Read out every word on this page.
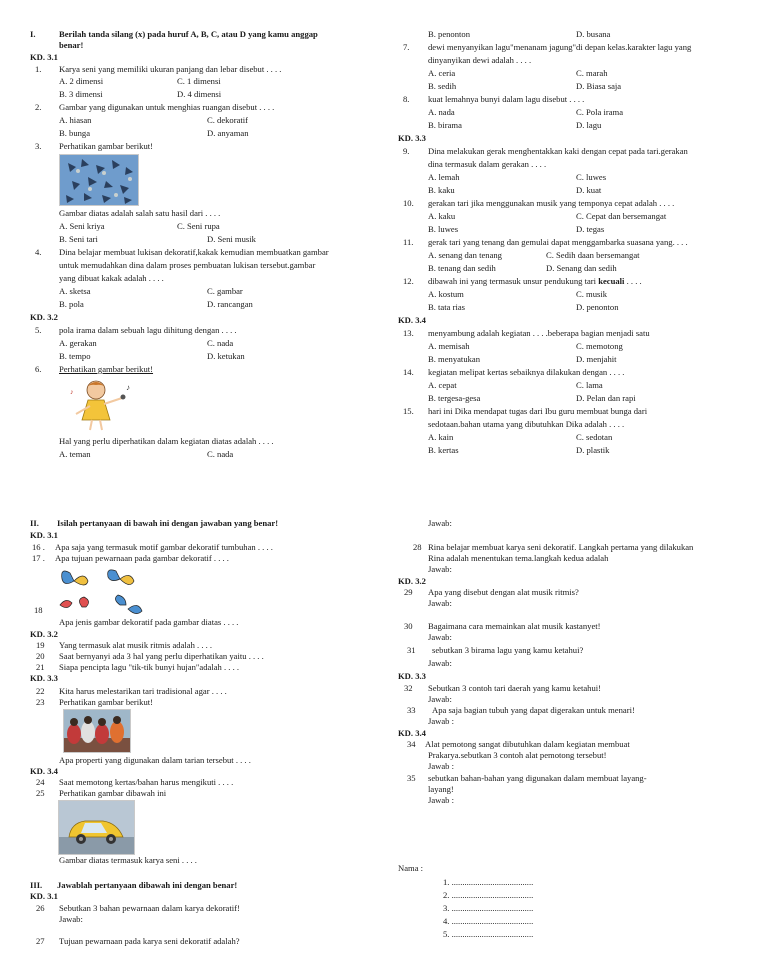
I.	Berilah tanda silang (x) pada huruf A, B, C, atau D yang kamu anggap
benar!
KD. 3.1
1. Karya seni yang memiliki ukuran panjang dan lebar disebut . . . .
A. 2 dimensi	C. 1 dimensi
B. 3 dimensi	D. 4 dimensi
2. Gambar yang digunakan untuk menghias ruangan disebut . . . .
A. hiasan	C. dekoratif
B. bunga	D. anyaman
3. Perhatikan gambar berikut!
Gambar diatas adalah salah satu hasil dari . . . .
A. Seni kriya	C. Seni rupa
B. Seni tari	D. Seni musik
4. Dina belajar membuat lukisan dekoratif,kakak kemudian membuatkan gambar
untuk memudahkan dina dalam proses pembuatan lukisan tersebut.gambar
yang dibuat kakak adalah . . . .
A. sketsa	C. gambar
B. pola	D. rancangan
KD. 3.2
5. pola irama dalam sebuah lagu dihitung dengan . . . .
A. gerakan	C. nada
B. tempo	D. ketukan
6. Perhatikan gambar berikut!
♪
♪
Hal yang perlu diperhatikan dalam kegiatan diatas adalah . . . .
A. teman	C. nada
B. penonton	D. busana
7. dewi menyanyikan lagu"menanam jagung"di depan kelas.karakter lagu yang
dinyanyikan dewi adalah . . . .
A. ceria	C. marah
B. sedih	D. Biasa saja
8. kuat lemahnya bunyi dalam lagu disebut . . . .
A. nada	C. Pola irama
B. birama	D. lagu
KD. 3.3
9. Dina melakukan gerak menghentakkan kaki dengan cepat pada tari.gerakan
dina termasuk dalam gerakan . . . .
A. lemah	C. luwes
B. kaku	D. kuat
10. gerakan tari jika menggunakan musik yang temponya cepat adalah . . . .
A. kaku	C. Cepat dan bersemangat
B. luwes	D. tegas
11. gerak tari yang tenang dan gemulai dapat menggambarka suasana yang. . . .
A. senang dan tenang	C. Sedih daan bersemangat
B. tenang dan sedih	D. Senang dan sedih
12. dibawah ini yang termasuk unsur pendukung tari kecuali . . . .
A. kostum	C. musik
B. tata rias	D. penonton
KD. 3.4
13. menyambung adalah kegiatan . . . .beberapa bagian menjadi satu
A. memisah	C. memotong
B. menyatukan	D. menjahit
14. kegiatan melipat kertas sebaiknya dilakukan dengan . . . .
A. cepat	C. lama
B. tergesa-gesa	D. Pelan dan rapi
15. hari ini Dika mendapat tugas dari Ibu guru membuat bunga dari
sedotaan.bahan utama yang dibutuhkan Dika adalah . . . .
A. kain	C. sedotan
B. kertas	D. plastik
II. Isilah pertanyaan di bawah ini dengan jawaban yang benar!
KD. 3.1
16 . Apa saja yang termasuk motif gambar dekoratif tumbuhan . . . .
17 . Apa tujuan pewarnaan pada gambar dekoratif . . . .
18
Apa jenis gambar dekoratif pada gambar diatas . . . .
KD. 3.2
19 Yang termasuk alat musik ritmis adalah . . . .
20 Saat bernyanyi ada 3 hal yang perlu diperhatikan yaitu . . . .
21 Siapa pencipta lagu "tik-tik bunyi hujan"adalah . . . .
KD. 3.3
22 Kita harus melestarikan tari tradisional agar . . . .
23 Perhatikan gambar berikut!
Apa properti yang digunakan dalam tarian tersebut . . . .
KD. 3.4
24 Saat memotong kertas/bahan harus mengikuti . . . .
25 Perhatikan gambar dibawah ini
Gambar diatas termasuk karya seni . . . .
III. Jawablah pertanyaan dibawah ini dengan benar!
KD. 3.1
26 Sebutkan 3 bahan pewarnaan dalam karya dekoratif!
Jawab:
27 Tujuan pewarnaan pada karya seni dekoratif adalah?
Jawab:
28 Rina belajar membuat karya seni dekoratif. Langkah pertama yang dilakukan
Rina adalah menentukan tema.langkah kedua adalah
Jawab:
KD. 3.2
29 Apa yang disebut dengan alat musik ritmis?
Jawab:
30 Bagaimana cara memainkan alat musik kastanyet!
Jawab:
31 sebutkan 3 birama lagu yang kamu ketahui?
Jawab:
KD. 3.3
32 Sebutkan 3 contoh tari daerah yang kamu ketahui!
Jawab:
33 Apa saja bagian tubuh yang dapat digerakan untuk menari!
Jawab :
KD. 3.4
34 Alat pemotong sangat dibutuhkan dalam kegiatan membuat
Prakarya.sebutkan 3 contoh alat pemotong tersebut!
Jawab :
35 sebutkan bahan-bahan yang digunakan dalam membuat layang-
layang!
Jawab :
Nama :
1. ......................................
2. ......................................
3. ......................................
4. ......................................
5. ......................................
